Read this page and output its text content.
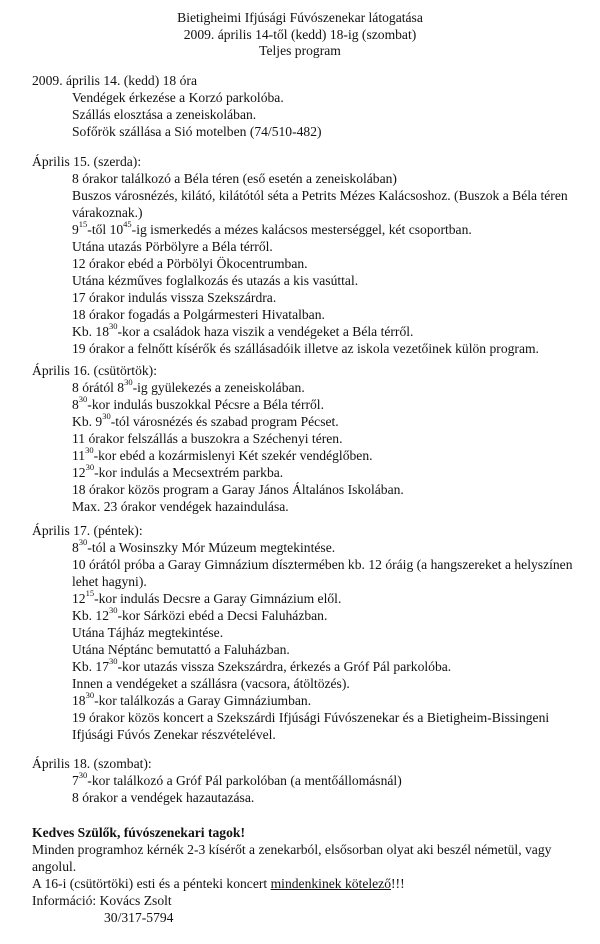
Bietigheimi Ifjúsági Fúvószenekar látogatása
2009. április 14-től (kedd) 18-ig (szombat)
Teljes program
2009. április 14. (kedd) 18 óra
Vendégek érkezése a Korzó parkolóba.
Szállás elosztása a zeneiskolában.
Sofőrök szállása a Sió motelben (74/510-482)
Április 15. (szerda):
8 órakor találkozó a Béla téren (eső esetén a zeneiskolában)
Buszos városnézés, kilátó, kilátótól séta a Petrits Mézes Kalácsoshoz. (Buszok a Béla téren várakoznak.)
$9^{15}$-től $10^{45}-ig$ ismerkedés a mézes kalácsos mesterséggel, két csoportban.
Utána utazás Pörbölyre a Béla térről.
12 órakor ebéd a Pörbölyi Ökocentrumban.
Utána kézműves foglalkozás és utazás a kis vasúttal.
17 órakor indulás vissza Szekszárdra.
18 órakor fogadás a Polgármesteri Hivatalban.
Kb. $18^{30}$-kor a családok haza viszik a vendégeket a Béla térről.
19 órakor a felnőtt kísérők és szállásadóik illetve az iskola vezetőinek külön program.
Április 16. (csütörtök):
8 órától $8^{30}-ig$ gyülekezés a zeneiskolában.
$8^{30}$-kor indulás buszokkal Pécsre a Béla térről.
Kb. $9^{30}$-tól városnézés és szabad program Pécset.
11 órakor felszállás a buszokra a Széchenyi téren.
$11^{30}$-kor ebéd a kozármislenyi Két szekér vendéglőben.
$12^{30}$-kor indulás a Mecsextrém parkba.
18 órakor közös program a Garay János Általános Iskolában.
Max. 23 órakor vendégek hazaindulása.
Április 17. (péntek):
$8^{30}$-tól a Wosinszky Mór Múzeum megtekintése.
10 órától próba a Garay Gimnázium dísztermében kb. 12 óráig (a hangszereket a helyszínen lehet hagyni).
$12^{15}$-kor indulás Decsre a Garay Gimnázium elől.
Kb. $12^{30}$-kor Sárközi ebéd a Decsi Faluházban.
Utána Tájház megtekintése.
Utána Néptánc bemutattó a Faluházban.
Kb. $17^{30}$-kor utazás vissza Szekszárdra, érkezés a Gróf Pál parkolóba.
Innen a vendégeket a szállásra (vacsora, átöltözés).
$18^{30}$-kor találkozás a Garay Gimnáziumban.
19 órakor közös koncert a Szekszárdi Ifjúsági Fúvószenekar és a Bietigheim-Bissingeni Ifjúsági Fúvós Zenekar részvételével.
Április 18. (szombat):
$7^{30}$-kor találkozó a Gróf Pál parkolóban (a mentőállomásnál)
8 órakor a vendégek hazautazása.
Kedves Szülők, fúvószenekari tagok!
Minden programhoz kérnék 2-3 kísérőt a zenekarból, elsősorban olyat aki beszél németül, vagy angolul.
A 16-i (csütörtöki) esti és a pénteki koncert mindenkinek kötelező!!!
Információ: Kovács Zsolt
30/317-5794
